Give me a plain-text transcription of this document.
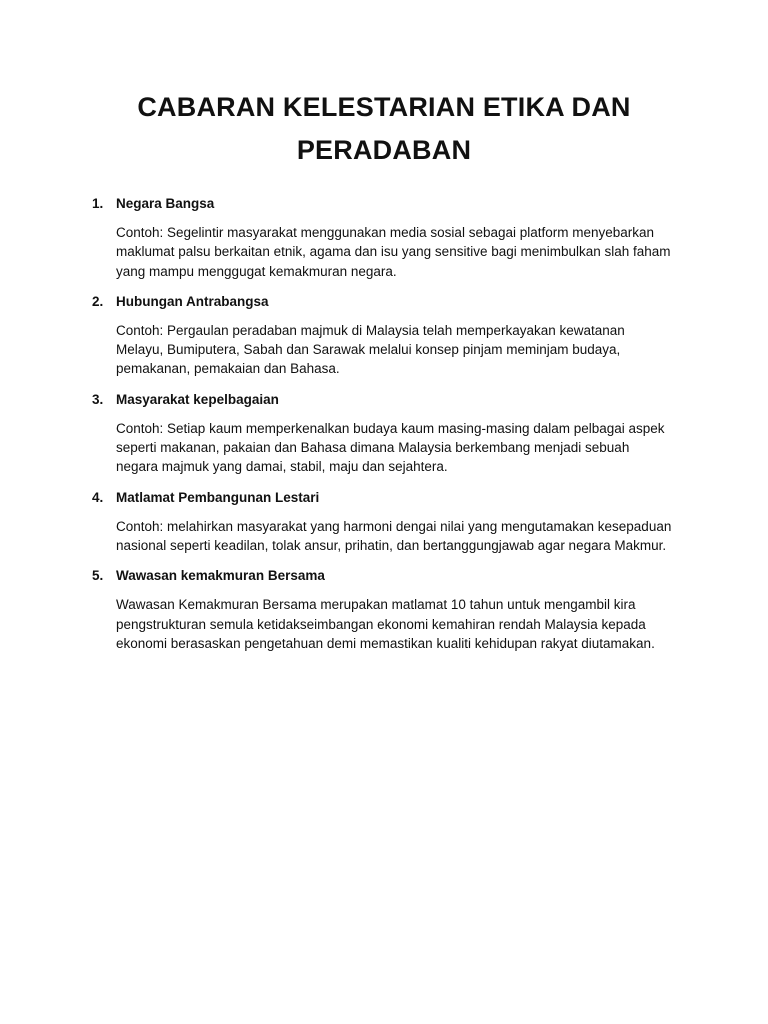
CABARAN KELESTARIAN ETIKA DAN PERADABAN
1. Negara Bangsa

Contoh: Segelintir masyarakat menggunakan media sosial sebagai platform menyebarkan maklumat palsu berkaitan etnik, agama dan isu yang sensitive bagi menimbulkan slah faham yang mampu menggugat kemakmuran negara.

2. Hubungan Antrabangsa

Contoh: Pergaulan peradaban majmuk di Malaysia telah memperkayakan kewatanan Melayu, Bumiputera, Sabah dan Sarawak melalui konsep pinjam meminjam budaya, pemakanan, pemakaian dan Bahasa.

3. Masyarakat kepelbagaian

Contoh: Setiap kaum memperkenalkan budaya kaum masing-masing dalam pelbagai aspek seperti makanan, pakaian dan Bahasa dimana Malaysia berkembang menjadi sebuah negara majmuk yang damai, stabil, maju dan sejahtera.

4. Matlamat Pembangunan Lestari

Contoh: melahirkan masyarakat yang harmoni dengai nilai yang mengutamakan kesepaduan nasional seperti keadilan, tolak ansur, prihatin, dan bertanggungjawab agar negara Makmur.

5. Wawasan kemakmuran Bersama

Wawasan Kemakmuran Bersama merupakan matlamat 10 tahun untuk mengambil kira pengstrukturan semula ketidakseimbangan ekonomi kemahiran rendah Malaysia kepada ekonomi berasaskan pengetahuan demi memastikan kualiti kehidupan rakyat diutamakan.
